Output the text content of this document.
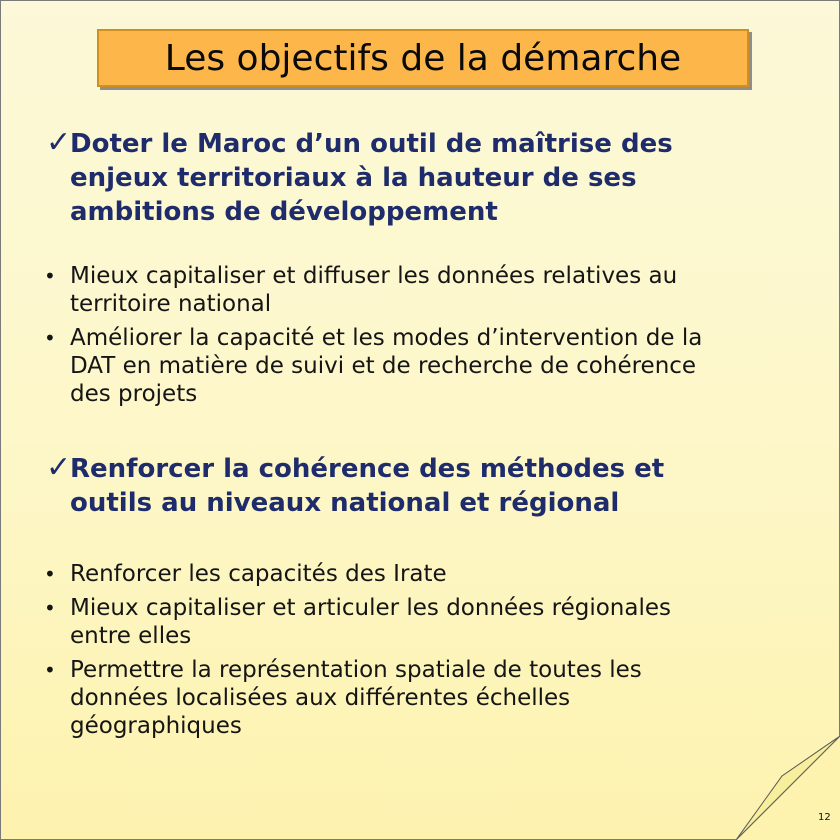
Les objectifs de la démarche
✓
Doter le Maroc d’un outil de maîtrise des
enjeux territoriaux à la hauteur de ses
ambitions de développement
• Mieux capitaliser et diffuser les données relatives au
territoire national
• Améliorer la capacité et les modes d’intervention de la
DAT en matière de suivi et de recherche de cohérence
des projets
✓
Renforcer la cohérence des méthodes et
outils au niveaux national et régional
• Renforcer les capacités des Irate
• Mieux capitaliser et articuler les données régionales
entre elles
• Permettre la représentation spatiale de toutes les
données localisées aux différentes échelles
géographiques
12
